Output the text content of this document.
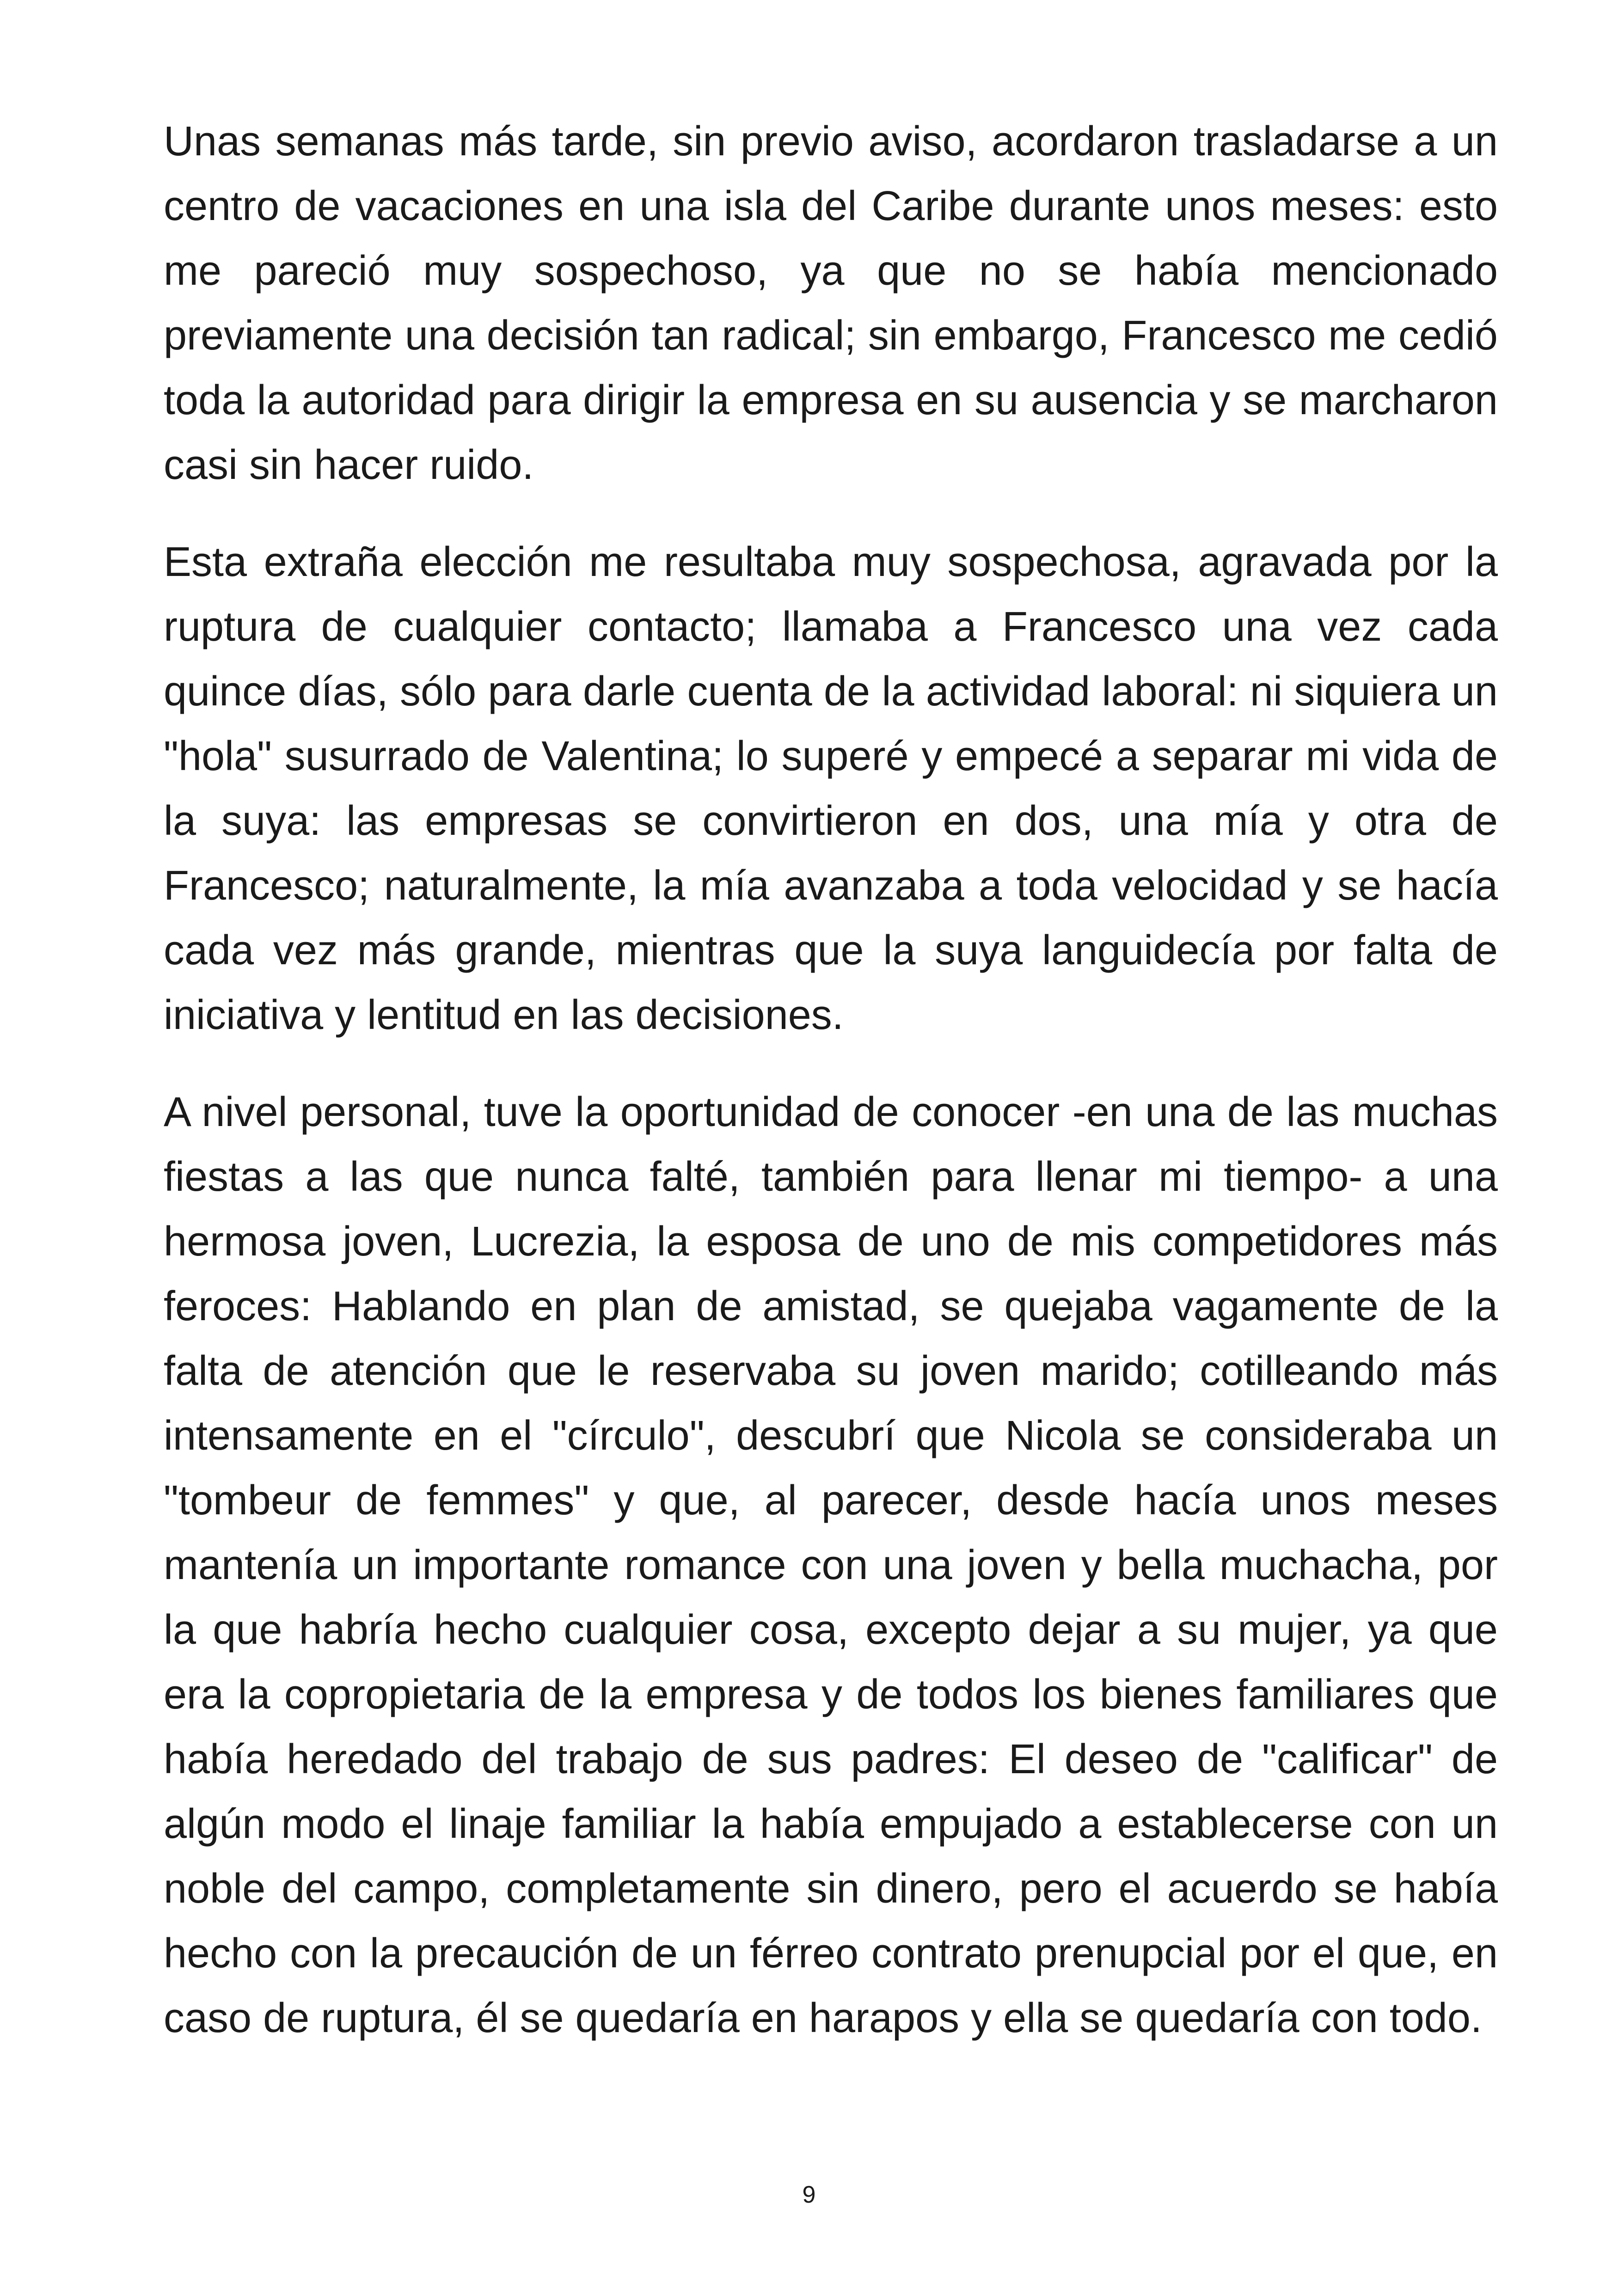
Unas semanas más tarde, sin previo aviso, acordaron trasladarse a un centro de vacaciones en una isla del Caribe durante unos meses: esto me pareció muy sospechoso, ya que no se había mencionado previamente una decisión tan radical; sin embargo, Francesco me cedió toda la autoridad para dirigir la empresa en su ausencia y se marcharon casi sin hacer ruido.

Esta extraña elección me resultaba muy sospechosa, agravada por la ruptura de cualquier contacto; llamaba a Francesco una vez cada quince días, sólo para darle cuenta de la actividad laboral: ni siquiera un "hola" susurrado de Valentina; lo superé y empecé a separar mi vida de la suya: las empresas se convirtieron en dos, una mía y otra de Francesco; naturalmente, la mía avanzaba a toda velocidad y se hacía cada vez más grande, mientras que la suya languidecía por falta de iniciativa y lentitud en las decisiones.

A nivel personal, tuve la oportunidad de conocer -en una de las muchas fiestas a las que nunca falté, también para llenar mi tiempo- a una hermosa joven, Lucrezia, la esposa de uno de mis competidores más feroces: Hablando en plan de amistad, se quejaba vagamente de la falta de atención que le reservaba su joven marido; cotilleando más intensamente en el "círculo", descubrí que Nicola se consideraba un "tombeur de femmes" y que, al parecer, desde hacía unos meses mantenía un importante romance con una joven y bella muchacha, por la que habría hecho cualquier cosa, excepto dejar a su mujer, ya que era la copropietaria de la empresa y de todos los bienes familiares que había heredado del trabajo de sus padres: El deseo de "calificar" de algún modo el linaje familiar la había empujado a establecerse con un noble del campo, completamente sin dinero, pero el acuerdo se había hecho con la precaución de un férreo contrato prenupcial por el que, en caso de ruptura, él se quedaría en harapos y ella se quedaría con todo.

9
